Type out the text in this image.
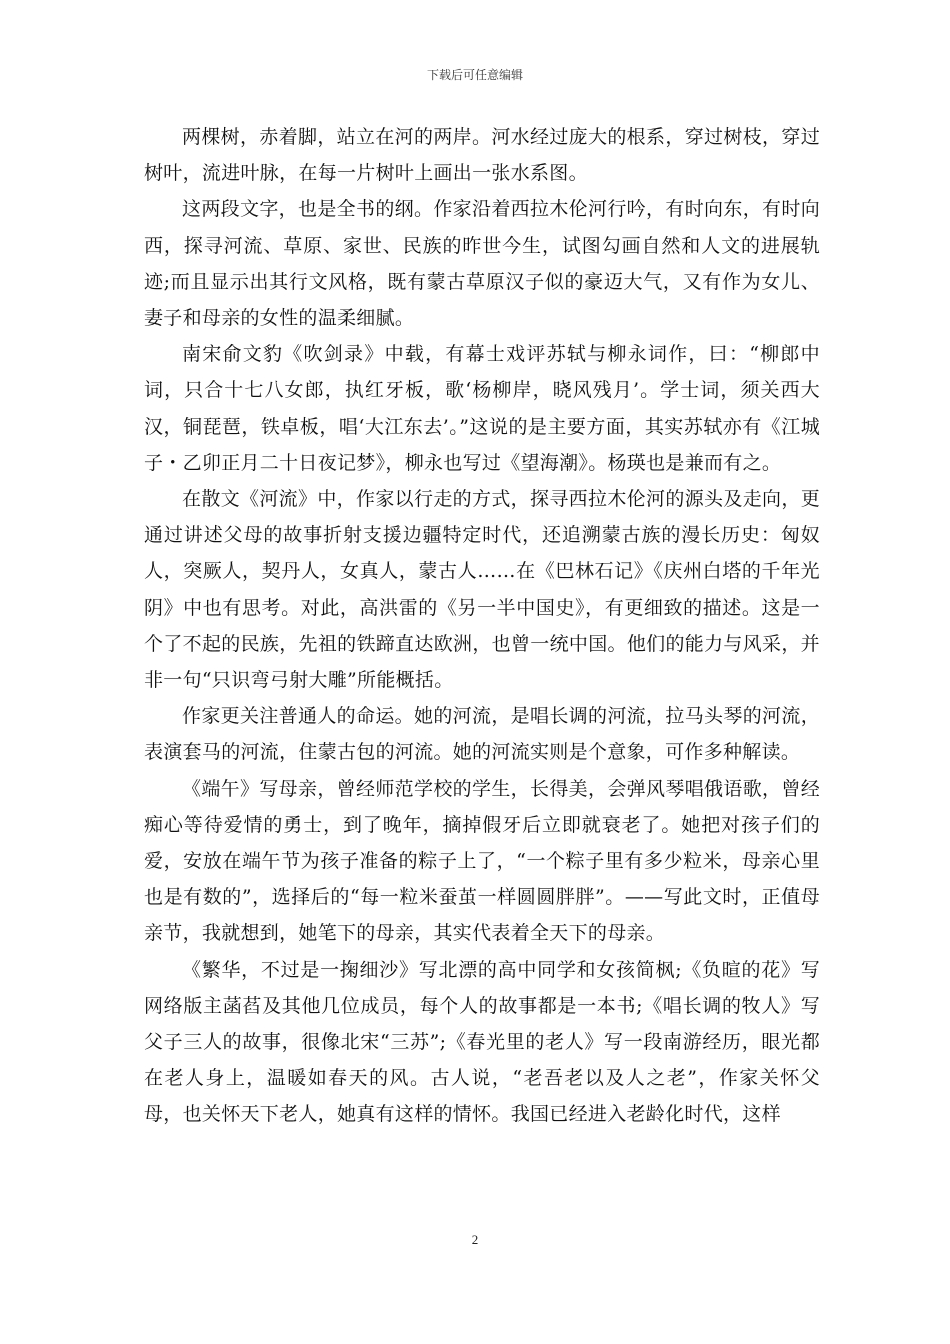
下载后可任意编辑

两棵树，赤着脚，站立在河的两岸。河水经过庞大的根系，穿过树枝，穿过树叶，流进叶脉，在每一片树叶上画出一张水系图。

这两段文字，也是全书的纲。作家沿着西拉木伦河行吟，有时向东，有时向西，探寻河流、草原、家世、民族的昨世今生，试图勾画自然和人文的进展轨迹;而且显示出其行文风格，既有蒙古草原汉子似的豪迈大气，又有作为女儿、妻子和母亲的女性的温柔细腻。

南宋俞文豹《吹剑录》中载，有幕士戏评苏轼与柳永词作，曰：“柳郎中词，只合十七八女郎，执红牙板，歌‘杨柳岸，晓风残月’。学士词，须关西大汉，铜琵琶，铁卓板，唱‘大江东去’。”这说的是主要方面，其实苏轼亦有《江城子・乙卯正月二十日夜记梦》，柳永也写过《望海潮》。杨瑛也是兼而有之。

在散文《河流》中，作家以行走的方式，探寻西拉木伦河的源头及走向，更通过讲述父母的故事折射支援边疆特定时代，还追溯蒙古族的漫长历史：匈奴人，突厥人，契丹人，女真人，蒙古人……在《巴林石记》《庆州白塔的千年光阴》中也有思考。对此，高洪雷的《另一半中国史》，有更细致的描述。这是一个了不起的民族，先祖的铁蹄直达欧洲，也曾一统中国。他们的能力与风采，并非一句“只识弯弓射大雕”所能概括。

作家更关注普通人的命运。她的河流，是唱长调的河流，拉马头琴的河流，表演套马的河流，住蒙古包的河流。她的河流实则是个意象，可作多种解读。

《端午》写母亲，曾经师范学校的学生，长得美，会弹风琴唱俄语歌，曾经痴心等待爱情的勇士，到了晚年，摘掉假牙后立即就衰老了。她把对孩子们的爱，安放在端午节为孩子准备的粽子上了，“一个粽子里有多少粒米，母亲心里也是有数的”，选择后的“每一粒米蚕茧一样圆圆胖胖”。——写此文时，正值母亲节，我就想到，她笔下的母亲，其实代表着全天下的母亲。

《繁华，不过是一掬细沙》写北漂的高中同学和女孩简枫;《负暄的花》写网络版主菡萏及其他几位成员，每个人的故事都是一本书;《唱长调的牧人》写父子三人的故事，很像北宋“三苏”;《春光里的老人》写一段南游经历，眼光都在老人身上，温暖如春天的风。古人说，“老吾老以及人之老”，作家关怀父母，也关怀天下老人，她真有这样的情怀。我国已经进入老龄化时代，这样

2
